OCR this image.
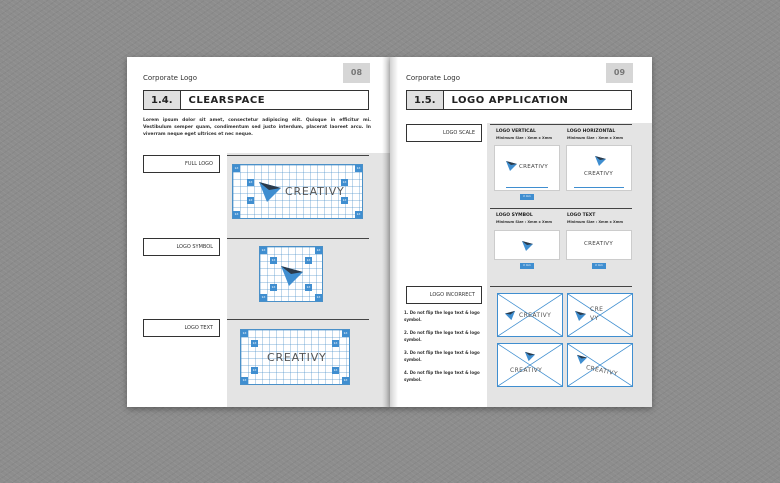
Corporate Logo
08
1.4.	CLEARSPACE
Lorem ipsum dolor sit amet, consectetur adipiscing elit. Quisque in efficitur mi. Vestibulum semper quam, condimentum sed justo interdum, placerat laoreet arcu. In viverram neque eget ultrices et nec neque.
FULL LOGO
1X	1X
1X	1X
1X	1X
1X	1X
CREATIVY
LOGO SYMBOL	1X	1X
1X	1X
1X	1X
1X	1X
LOGO TEXT
1X	1X
1X	1X
1X	1X
1X	1X
CREATIVY
Corporate Logo
09
1.5.	LOGO APPLICATION
LOGO SCALE	LOGO VERTICAL
Minimum Size : Xmm x Xmm
CREATIVY
X mm
LOGO HORIZONTAL
Minimum Size : Xmm x Xmm
CREATIVY
LOGO SYMBOL
Minimum Size : Xmm x Xmm
X mm
LOGO TEXT
Minimum Size : Xmm x Xmm
CREATIVY
X mm
LOGO INCORRECT
1. Do not flip the logo text & logo symbol.
2. Do not flip the logo text & logo symbol.
3. Do not flip the logo text & logo symbol.
4. Do not flip the logo text & logo symbol.
CREATIVY
CRE
VY
CREATIVY	CREATIVY
